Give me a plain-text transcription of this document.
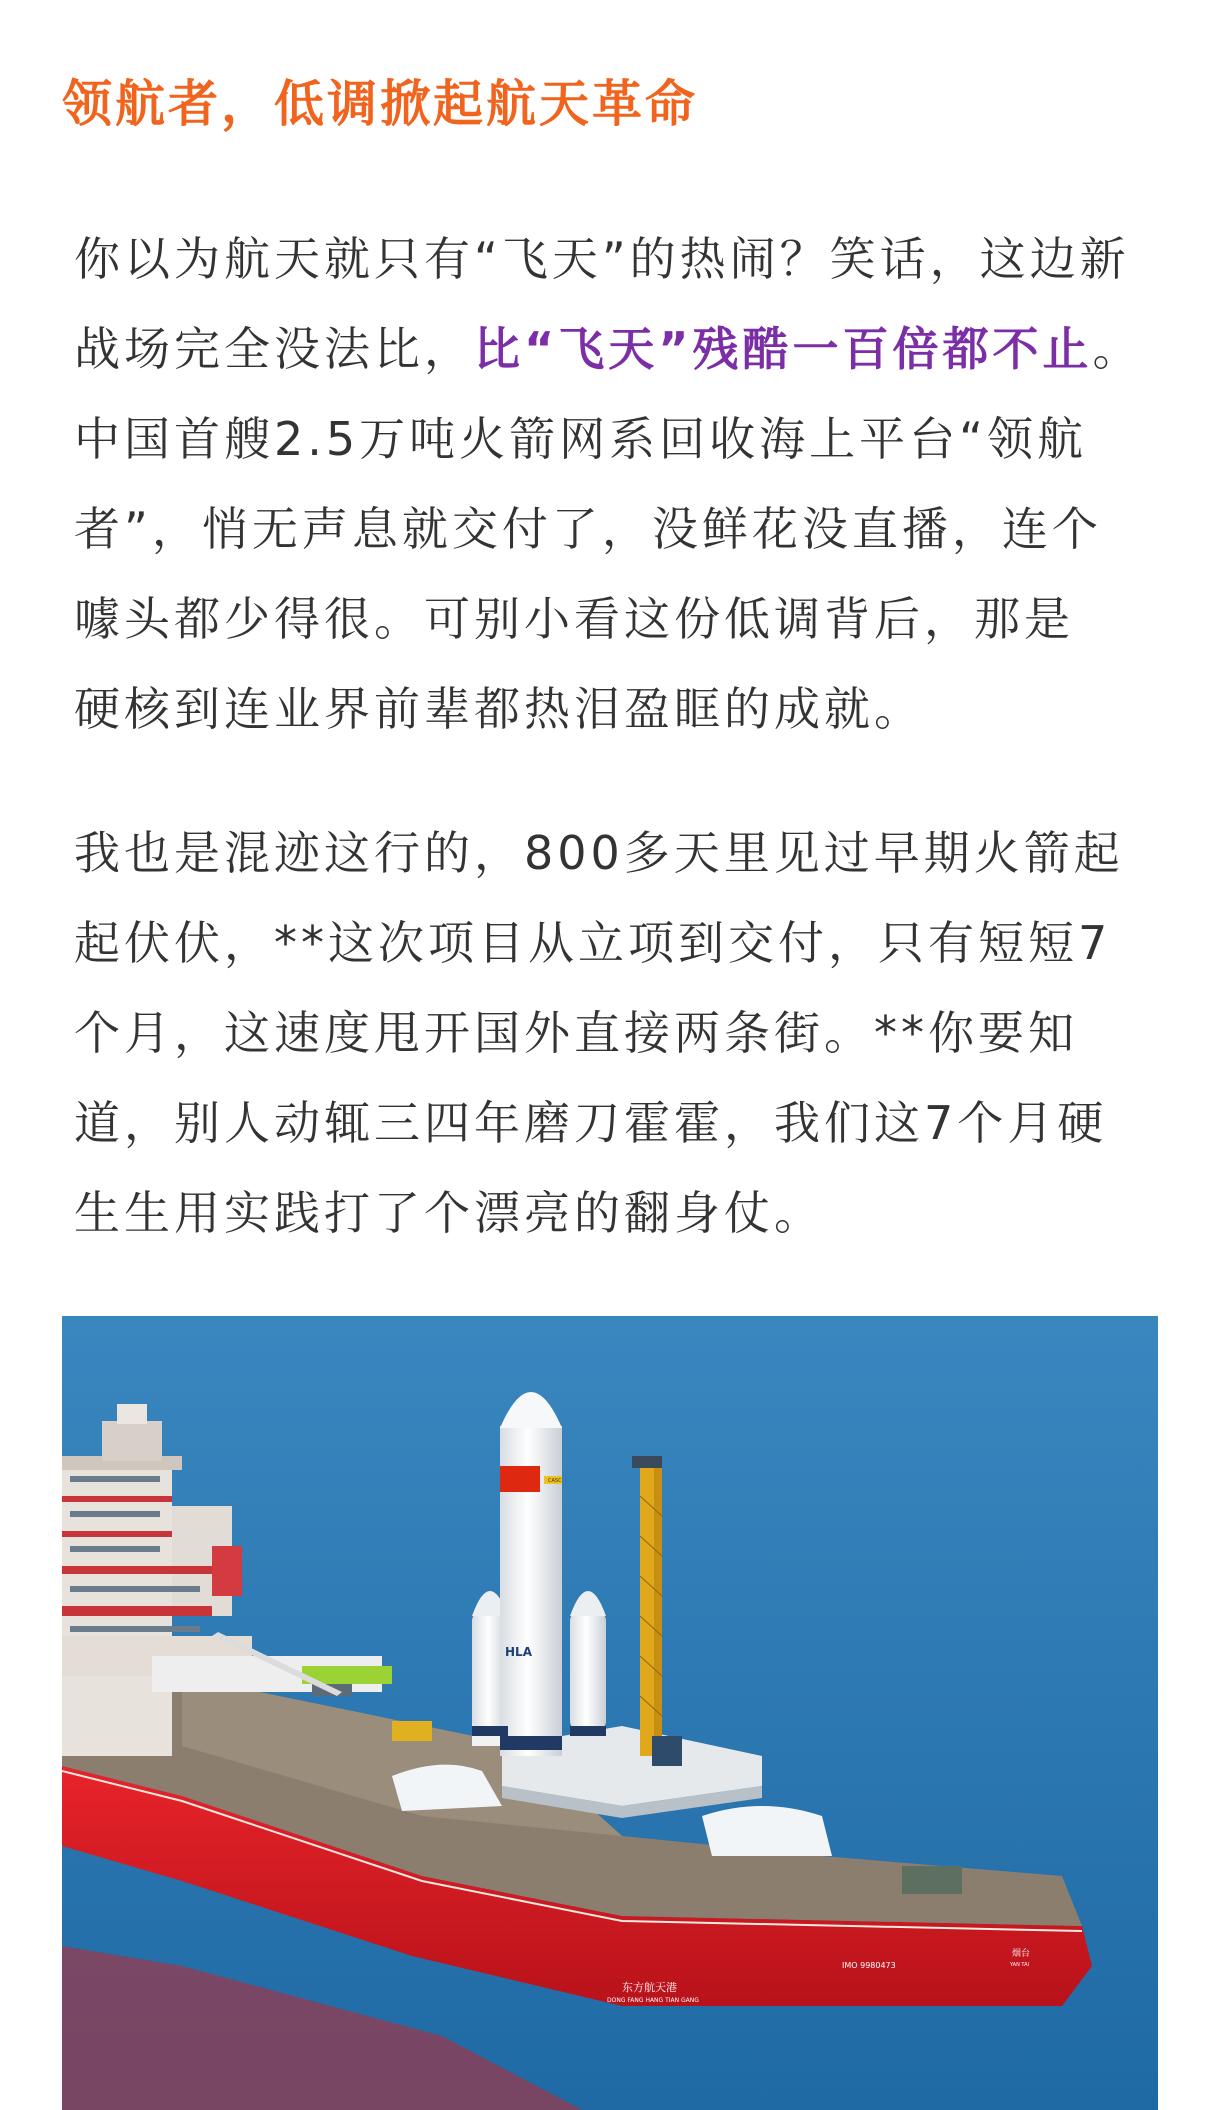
领航者，低调掀起航天革命

你以为航天就只有“飞天”的热闹？笑话，这边新
战场完全没法比，比“飞天”残酷一百倍都不止。
中国首艘2.5万吨火箭网系回收海上平台“领航
者”，悄无声息就交付了，没鲜花没直播，连个
噱头都少得很。可别小看这份低调背后，那是
硬核到连业界前辈都热泪盈眶的成就。

我也是混迹这行的，800多天里见过早期火箭起
起伏伏，**这次项目从立项到交付，只有短短7
个月，这速度甩开国外直接两条街。**你要知
道，别人动辄三四年磨刀霍霍，我们这7个月硬
生生用实践打了个漂亮的翻身仗。

东方航天港
DONG FANG HANG TIAN GANG
IMO 9980473
烟台
YAN TAI
CASC
HLA
